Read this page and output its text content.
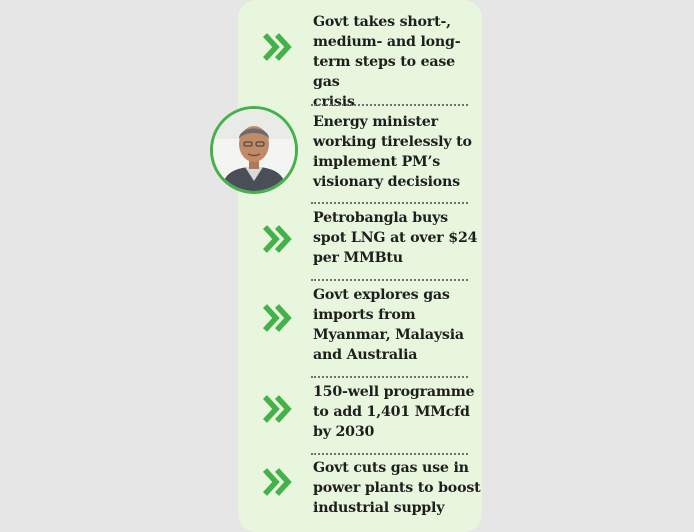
Govt takes short-,
medium- and long-
term steps to ease gas
crisis
Energy minister
working tirelessly to
implement PM’s
visionary decisions
Petrobangla buys
spot LNG at over $24
per MMBtu
Govt explores gas
imports from
Myanmar, Malaysia
and Australia
150-well programme
to add 1,401 MMcfd
by 2030
Govt cuts gas use in
power plants to boost
industrial supply
